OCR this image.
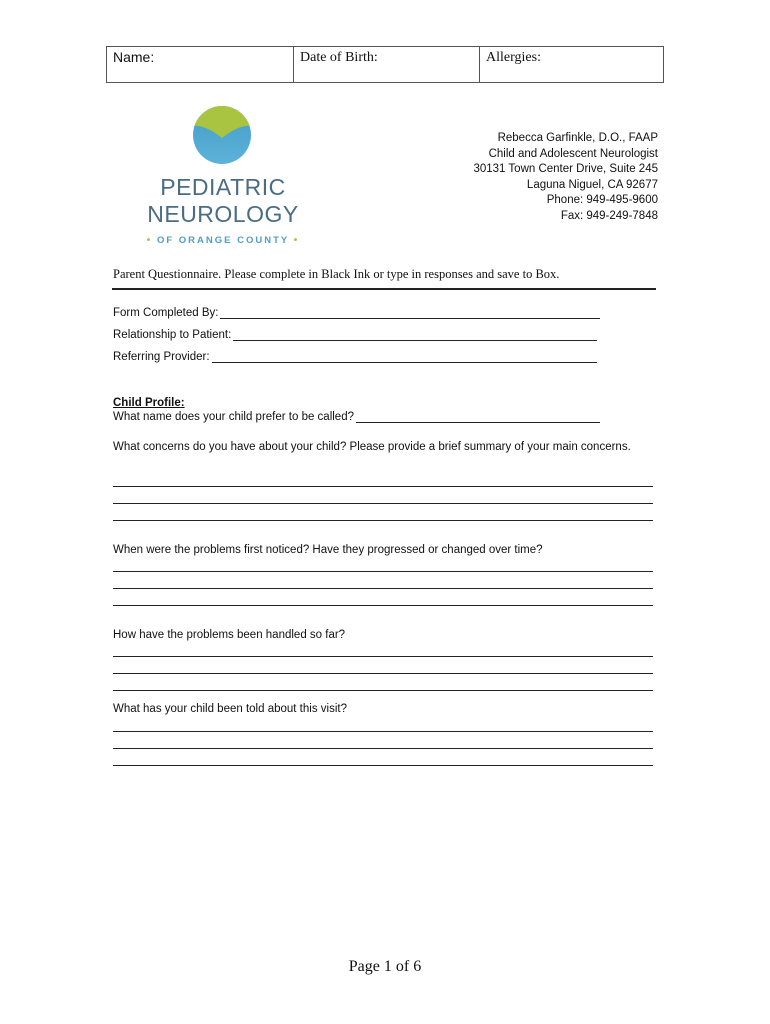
Name:	Date of Birth:	Allergies:
PEDIATRIC
NEUROLOGY
• OF ORANGE COUNTY •
Rebecca Garfinkle, D.O., FAAP
Child and Adolescent Neurologist
30131 Town Center Drive, Suite 245
Laguna Niguel, CA 92677
Phone: 949-495-9600
Fax: 949-249-7848
Parent Questionnaire. Please complete in Black Ink or type in responses and save to Box.
Form Completed By:
Relationship to Patient:
Referring Provider:
Child Profile:
What name does your child prefer to be called?
What concerns do you have about your child? Please provide a brief summary of your main concerns.
When were the problems first noticed? Have they progressed or changed over time?
How have the problems been handled so far?
What has your child been told about this visit?
Page 1 of 6
